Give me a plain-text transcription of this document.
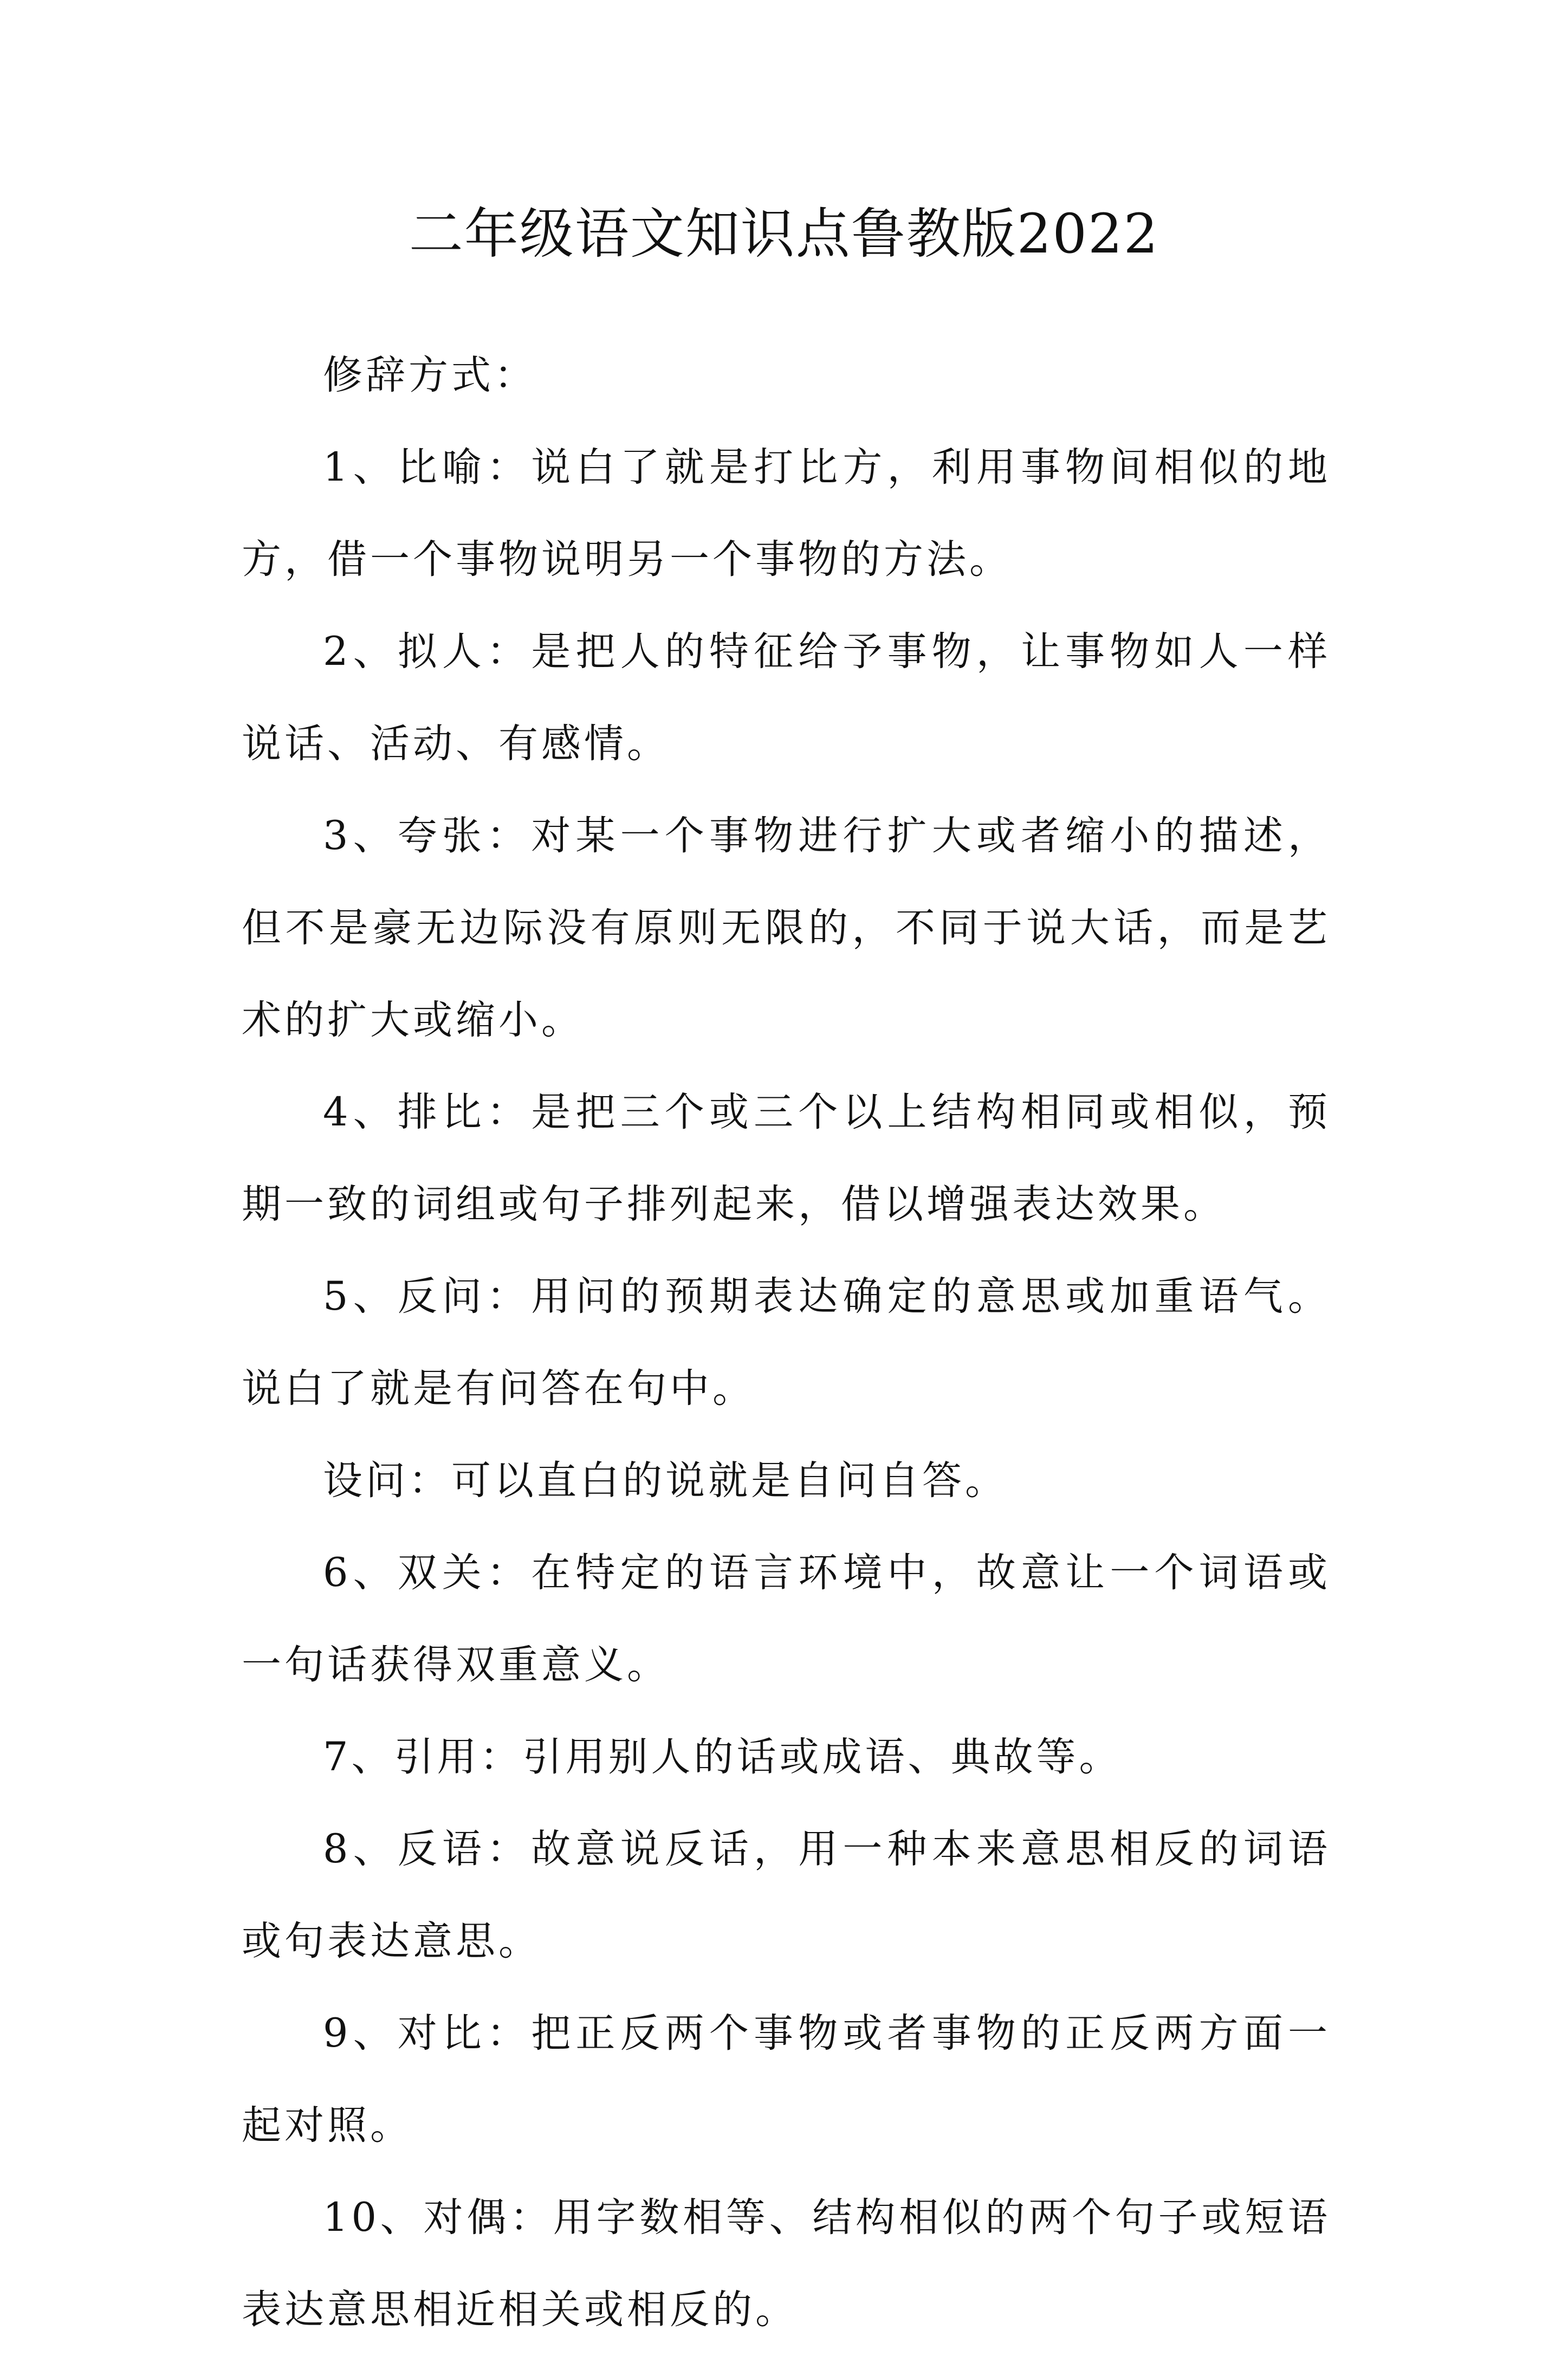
二年级语文知识点鲁教版2022

修辞方式：

1、比喻：说白了就是打比方，利用事物间相似的地方，借一个事物说明另一个事物的方法。

2、拟人：是把人的特征给予事物，让事物如人一样说话、活动、有感情。

3、夸张：对某一个事物进行扩大或者缩小的描述，但不是豪无边际没有原则无限的，不同于说大话，而是艺术的扩大或缩小。

4、排比：是把三个或三个以上结构相同或相似，预期一致的词组或句子排列起来，借以增强表达效果。

5、反问：用问的预期表达确定的意思或加重语气。说白了就是有问答在句中。

设问：可以直白的说就是自问自答。

6、双关：在特定的语言环境中，故意让一个词语或一句话获得双重意义。

7、引用：引用别人的话或成语、典故等。

8、反语：故意说反话，用一种本来意思相反的词语或句表达意思。

9、对比：把正反两个事物或者事物的正反两方面一起对照。

10、对偶：用字数相等、结构相似的两个句子或短语表达意思相近相关或相反的。
